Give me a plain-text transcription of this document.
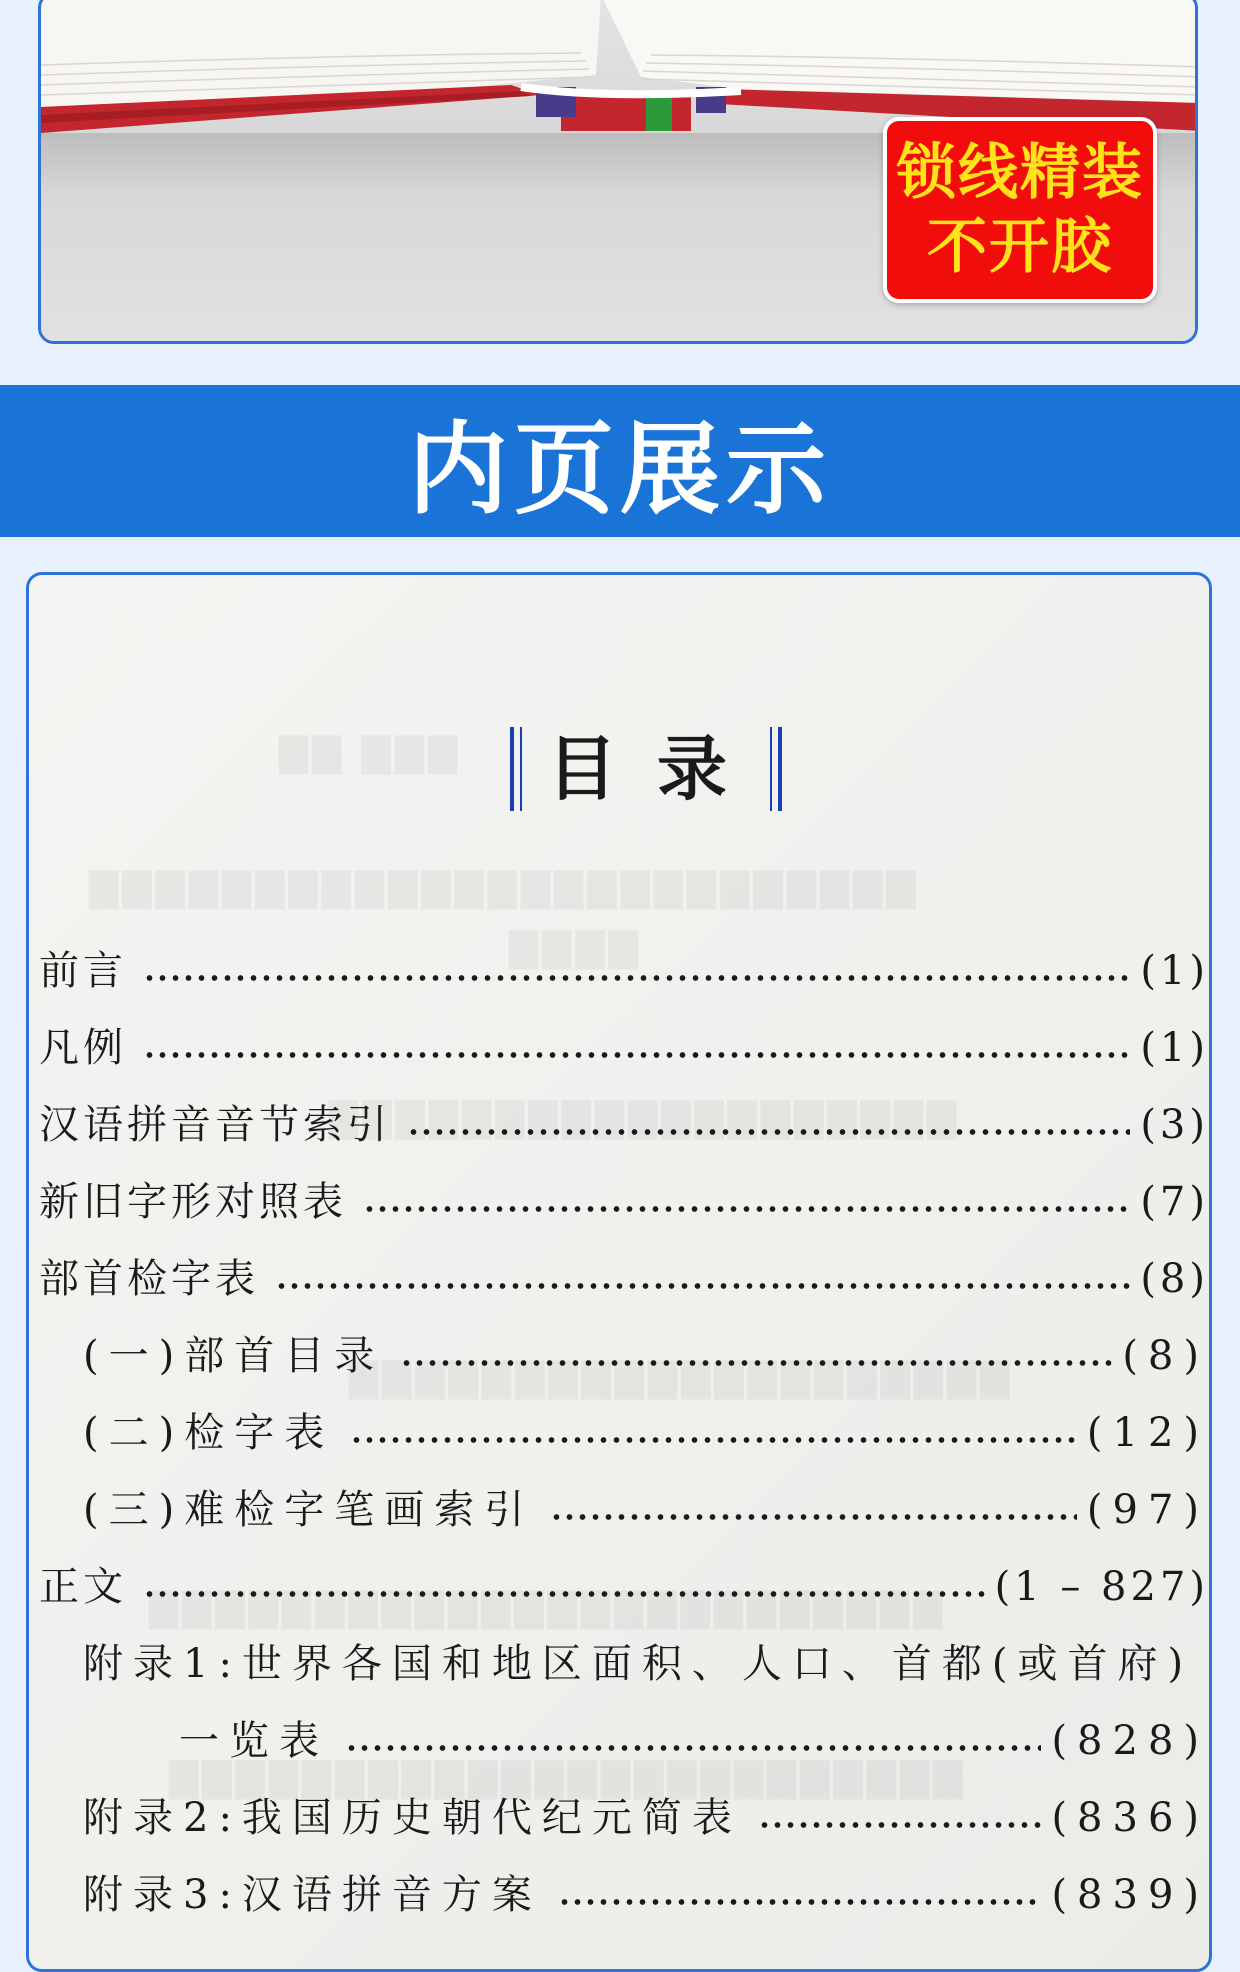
锁线精装
不开胶
内页展示
目录
前言	(1)
凡例	(1)
汉语拼音音节索引	(3)
新旧字形对照表	(7)
部首检字表	(8)
(一)部首目录	(8)
(二)检字表	(12)
(三)难检字笔画索引	(97)
正文	(1 – 827)
附录1:世界各国和地区面积、人口、首都(或首府)
一览表	(828)
附录2:我国历史朝代纪元简表	(836)
附录3:汉语拼音方案	(839)
